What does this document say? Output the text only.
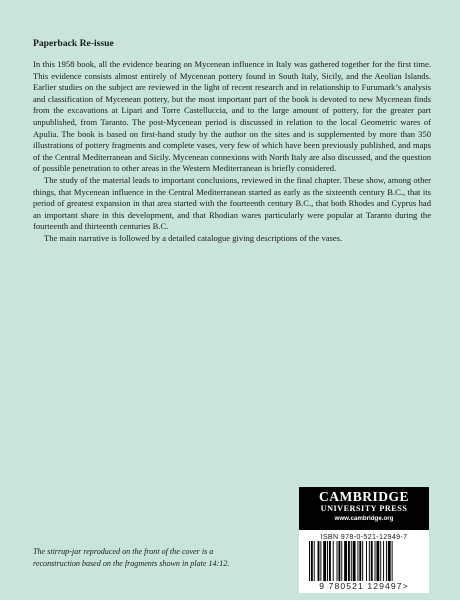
Paperback Re-issue

In this 1958 book, all the evidence bearing on Mycenean influence in Italy was gathered together for the first time. This evidence consists almost entirely of Mycenean pottery found in South Italy, Sicily, and the Aeolian Islands. Earlier studies on the subject are reviewed in the light of recent research and in relationship to Furumark’s analysis and classification of Mycenean pottery, but the most important part of the book is devoted to new Mycenean finds from the excavations at Lipari and Torre Castelluccia, and to the large amount of pottery, for the greater part unpublished, from Taranto. The post-Mycenean period is discussed in relation to the local Geometric wares of Apulia. The book is based on first-hand study by the author on the sites and is supplemented by more than 350 illustrations of pottery fragments and complete vases, very few of which have been previously published, and maps of the Central Mediterranean and Sicily. Mycenean connexions with North Italy are also discussed, and the question of possible penetration to other areas in the Western Mediterranean is briefly considered.

The study of the material leads to important conclusions, reviewed in the final chapter. These show, among other things, that Mycenean influence in the Central Mediterranean started as early as the sixteenth century B.C., that its period of greatest expansion in that area started with the fourteenth century B.C., that both Rhodes and Cyprus had an important share in this development, and that Rhodian wares particularly were popular at Taranto during the fourteenth and thirteenth centuries B.C.

The main narrative is followed by a detailed catalogue giving descriptions of the vases.

The stirrup-jar reproduced on the front of the cover is a reconstruction based on the fragments shown in plate 14:12.
CAMBRIDGE
UNIVERSITY PRESS
www.cambridge.org
ISBN 978-0-521-12949-7
9 780521 129497>
